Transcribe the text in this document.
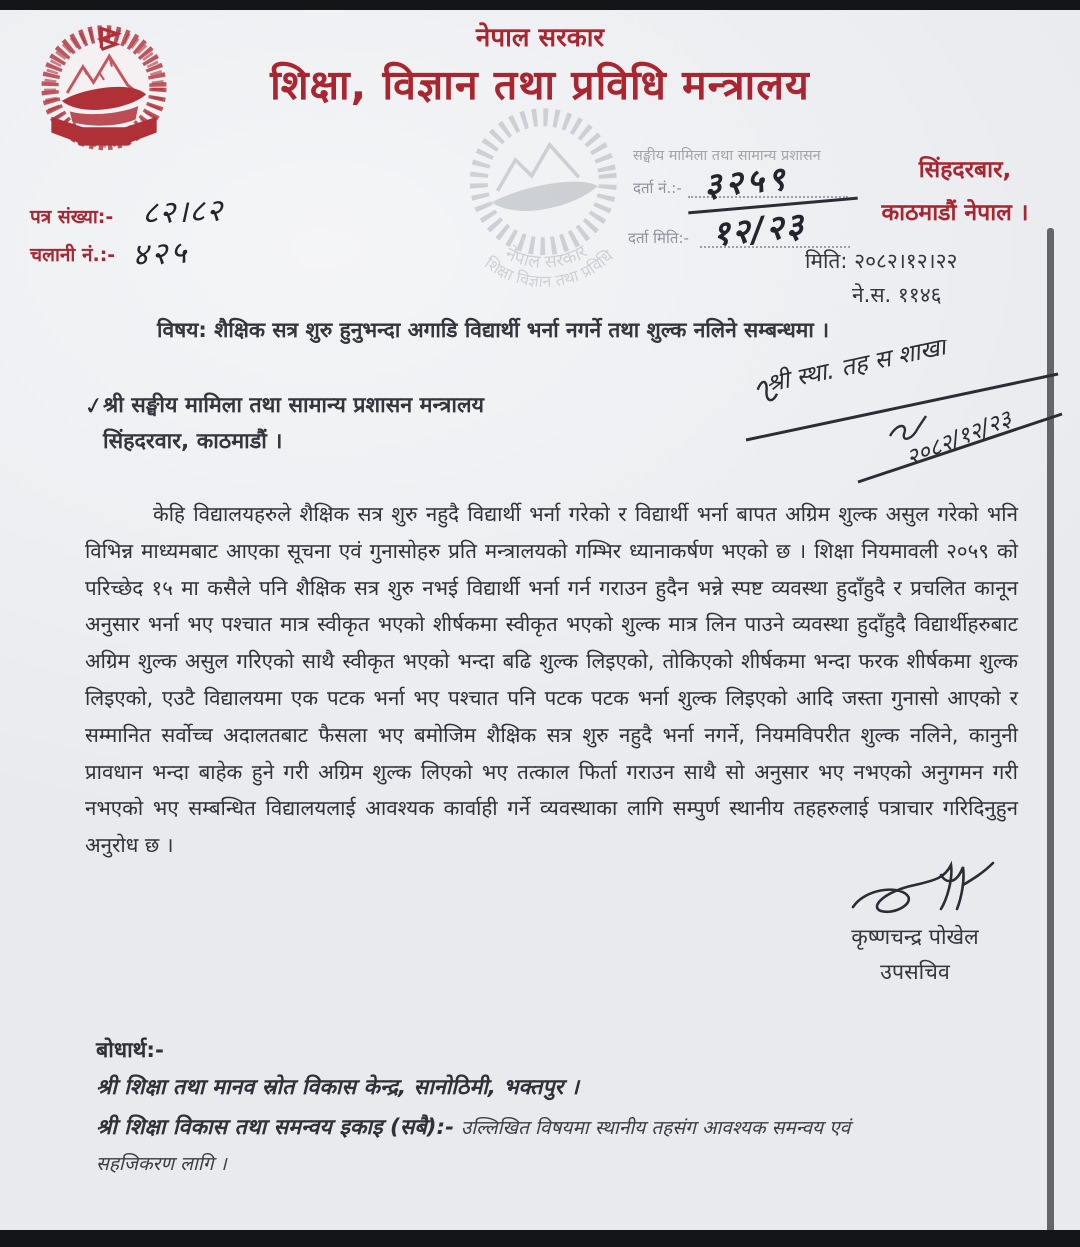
नेपाल सरकार
शिक्षा विज्ञान तथा प्रविधि
नेपाल सरकार
शिक्षा, विज्ञान तथा प्रविधि मन्त्रालय
सिंहदरबार,
काठमाडौं नेपाल ।
पत्र संख्या:- ८२।८२
चलानी नं.:- ४२५
सङ्घीय मामिला तथा सामान्य प्रशासन
दर्ता नं.:- ३२५९
दर्ता मिति:- १२/२३
मिति: २०८२।१२।२२
ने.स. ११४६
विषय: शैक्षिक सत्र शुरु हुनुभन्दा अगाडि विद्यार्थी भर्ना नगर्ने तथा शुल्क नलिने सम्बन्धमा ।
श्री स्था. तह स शाखा
२०८२/१२/२३
✓
श्री सङ्घीय मामिला तथा सामान्य प्रशासन मन्त्रालय
सिंहदरवार, काठमाडौं ।
केहि विद्यालयहरुले शैक्षिक सत्र शुरु नहुदै विद्यार्थी भर्ना गरेको र विद्यार्थी भर्ना बापत अग्रिम शुल्क असुल गरेको भनि विभिन्न माध्यमबाट आएका सूचना एवं गुनासोहरु प्रति मन्त्रालयको गम्भिर ध्यानाकर्षण भएको छ । शिक्षा नियमावली २०५९ को परिच्छेद १५ मा कसैले पनि शैक्षिक सत्र शुरु नभई विद्यार्थी भर्ना गर्न गराउन हुदैन भन्ने स्पष्ट व्यवस्था हुदाँहुदै र प्रचलित कानून अनुसार भर्ना भए पश्चात मात्र स्वीकृत भएको शीर्षकमा स्वीकृत भएको शुल्क मात्र लिन पाउने व्यवस्था हुदाँहुदै विद्यार्थीहरुबाट अग्रिम शुल्क असुल गरिएको साथै स्वीकृत भएको भन्दा बढि शुल्क लिइएको, तोकिएको शीर्षकमा भन्दा फरक शीर्षकमा शुल्क लिइएको, एउटै विद्यालयमा एक पटक भर्ना भए पश्चात पनि पटक पटक भर्ना शुल्क लिइएको आदि जस्ता गुनासो आएको र सम्मानित सर्वोच्च अदालतबाट फैसला भए बमोजिम शैक्षिक सत्र शुरु नहुदै भर्ना नगर्ने, नियमविपरीत शुल्क नलिने, कानुनी प्रावधान भन्दा बाहेक हुने गरी अग्रिम शुल्क लिएको भए तत्काल फिर्ता गराउन साथै सो अनुसार भए नभएको अनुगमन गरी नभएको भए सम्बन्धित विद्यालयलाई आवश्यक कार्वाही गर्ने व्यवस्थाका लागि सम्पुर्ण स्थानीय तहहरुलाई पत्राचार गरिदिनुहुन अनुरोध छ ।
कृष्णचन्द्र पोखेल
उपसचिव
बोधार्थ:-
श्री शिक्षा तथा मानव स्रोत विकास केन्द्र, सानोठिमी, भक्तपुर ।
श्री शिक्षा विकास तथा समन्वय इकाइ (सबै):- उल्लिखित विषयमा स्थानीय तहसंग आवश्यक समन्वय एवं
सहजिकरण लागि ।
